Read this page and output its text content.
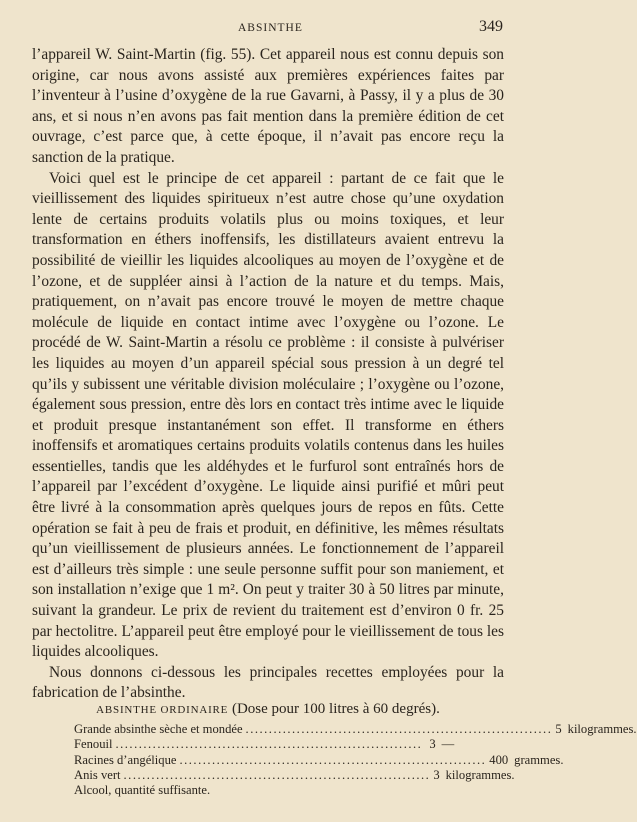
ABSINTHE	349

l’appareil W. Saint-Martin (fig. 55). Cet appareil nous est connu depuis son origine, car nous avons assisté aux premières expériences faites par l’inventeur à l’usine d’oxygène de la rue Gavarni, à Passy, il y a plus de 30 ans, et si nous n’en avons pas fait mention dans la première édition de cet ouvrage, c’est parce que, à cette époque, il n’avait pas encore reçu la sanction de la pratique.

Voici quel est le principe de cet appareil : partant de ce fait que le vieillissement des liquides spiritueux n’est autre chose qu’une oxydation lente de certains produits volatils plus ou moins toxiques, et leur transformation en éthers inoffensifs, les distillateurs avaient entrevu la possibilité de vieillir les liquides alcooliques au moyen de l’oxygène et de l’ozone, et de suppléer ainsi à l’action de la nature et du temps. Mais, pratiquement, on n’avait pas encore trouvé le moyen de mettre chaque molécule de liquide en contact intime avec l’oxygène ou l’ozone. Le procédé de W. Saint-Martin a résolu ce problème : il consiste à pulvériser les liquides au moyen d’un appareil spécial sous pression à un degré tel qu’ils y subissent une véritable division moléculaire ; l’oxygène ou l’ozone, également sous pression, entre dès lors en contact très intime avec le liquide et produit presque instantanément son effet. Il transforme en éthers inoffensifs et aromatiques certains produits volatils contenus dans les huiles essentielles, tandis que les aldéhydes et le furfurol sont entraînés hors de l’appareil par l’excédent d’oxygène. Le liquide ainsi purifié et mûri peut être livré à la consommation après quelques jours de repos en fûts. Cette opération se fait à peu de frais et produit, en définitive, les mêmes résultats qu’un vieillissement de plusieurs années. Le fonctionnement de l’appareil est d’ailleurs très simple : une seule personne suffit pour son maniement, et son installation n’exige que 1 m². On peut y traiter 30 à 50 litres par minute, suivant la grandeur. Le prix de revient du traitement est d’environ 0 fr. 25 par hectolitre. L’appareil peut être employé pour le vieillissement de tous les liquides alcooliques.

Nous donnons ci-dessous les principales recettes employées pour la fabrication de l’absinthe.

ABSINTHE ORDINAIRE (Dose pour 100 litres à 60 degrés).
Grande absinthe sèche et mondée .................................................................. 5 kilogrammes.
Fenouil .................................................................. 3 —
Racines d’angélique .................................................................. 400 grammes.
Anis vert .................................................................. 3 kilogrammes.
Alcool, quantité suffisante.
